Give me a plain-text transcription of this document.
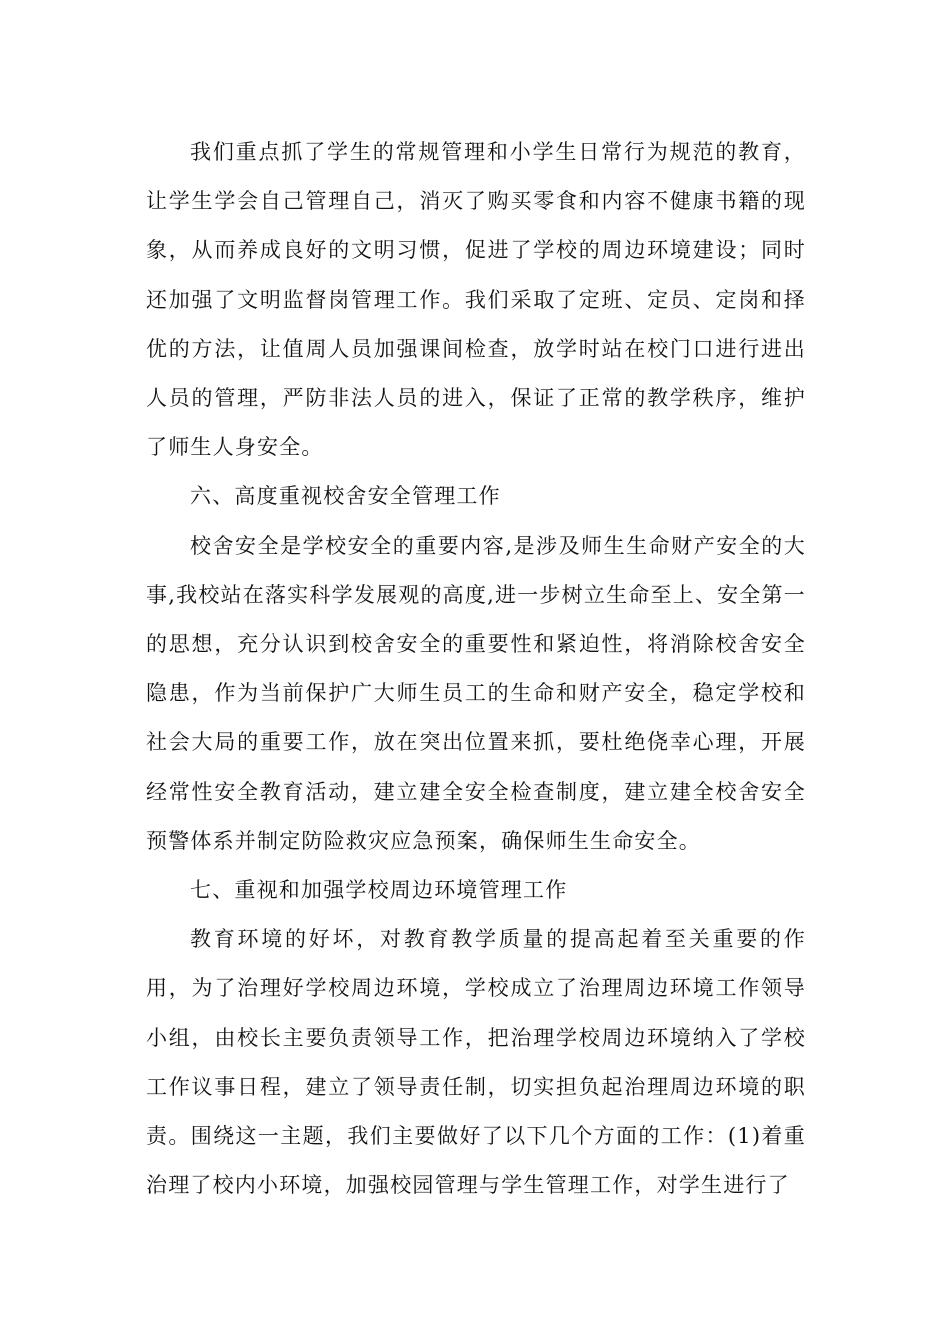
我们重点抓了学生的常规管理和小学生日常行为规范的教育，让学生学会自己管理自己，消灭了购买零食和内容不健康书籍的现象，从而养成良好的文明习惯，促进了学校的周边环境建设；同时还加强了文明监督岗管理工作。我们采取了定班、定员、定岗和择优的方法，让值周人员加强课间检查，放学时站在校门口进行进出人员的管理，严防非法人员的进入，保证了正常的教学秩序，维护了师生人身安全。

六、高度重视校舍安全管理工作

校舍安全是学校安全的重要内容,是涉及师生生命财产安全的大事,我校站在落实科学发展观的高度,进一步树立生命至上、安全第一的思想，充分认识到校舍安全的重要性和紧迫性，将消除校舍安全隐患，作为当前保护广大师生员工的生命和财产安全，稳定学校和社会大局的重要工作，放在突出位置来抓，要杜绝侥幸心理，开展经常性安全教育活动，建立建全安全检查制度，建立建全校舍安全预警体系并制定防险救灾应急预案，确保师生生命安全。

七、重视和加强学校周边环境管理工作

教育环境的好坏，对教育教学质量的提高起着至关重要的作用，为了治理好学校周边环境，学校成立了治理周边环境工作领导小组，由校长主要负责领导工作，把治理学校周边环境纳入了学校工作议事日程，建立了领导责任制，切实担负起治理周边环境的职责。围绕这一主题，我们主要做好了以下几个方面的工作：(1)着重治理了校内小环境，加强校园管理与学生管理工作，对学生进行了
